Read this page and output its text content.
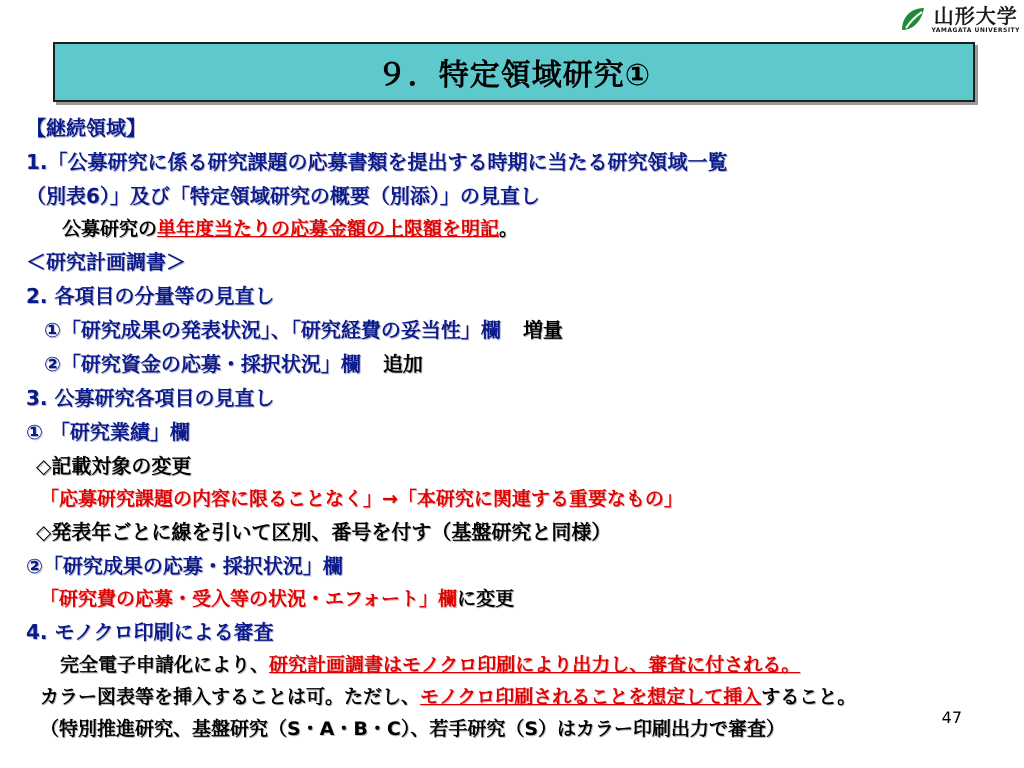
山形大学
YAMAGATA UNIVERSITY
９．特定領域研究①
【継続領域】
1.「公募研究に係る研究課題の応募書類を提出する時期に当たる研究領域一覧
（別表6）」及び「特定領域研究の概要（別添）」の見直し
公募研究の単年度当たりの応募金額の上限額を明記。
＜研究計画調書＞
2. 各項目の分量等の見直し
①「研究成果の発表状況」、「研究経費の妥当性」欄 増量
②「研究資金の応募・採択状況」欄 追加
3. 公募研究各項目の見直し
① 「研究業績」欄
◇記載対象の変更
「応募研究課題の内容に限ることなく」→「本研究に関連する重要なもの」
◇発表年ごとに線を引いて区別、番号を付す（基盤研究と同様）
②「研究成果の応募・採択状況」欄
「研究費の応募・受入等の状況・エフォート」欄に変更
4. モノクロ印刷による審査
完全電子申請化により、研究計画調書はモノクロ印刷により出力し、審査に付される。
カラー図表等を挿入することは可。ただし、モノクロ印刷されることを想定して挿入すること。
（特別推進研究、基盤研究（S・A・B・C）、若手研究（S）はカラー印刷出力で審査）
47
